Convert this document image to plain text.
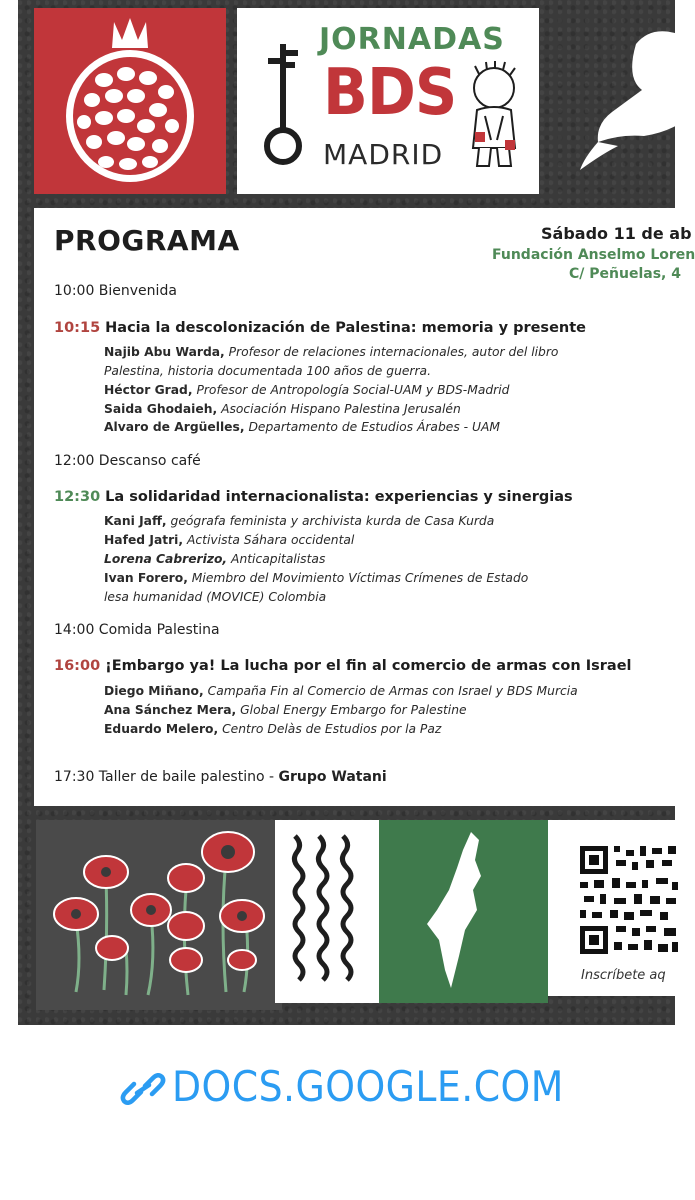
JORNADAS
BDS
MADRID
PROGRAMA	Sábado 11 de ab
Fundación Anselmo Loren
C/ Peñuelas, 4
10:00 Bienvenida
10:15 Hacia la descolonización de Palestina: memoria y presente
Najib Abu Warda, Profesor de relaciones internacionales, autor del libro
Palestina, historia documentada 100 años de guerra.
Héctor Grad, Profesor de Antropología Social-UAM y BDS-Madrid
Saida Ghodaieh, Asociación Hispano Palestina Jerusalén
Alvaro de Argüelles, Departamento de Estudios Árabes - UAM
12:00 Descanso café
12:30 La solidaridad internacionalista: experiencias y sinergias
Kani Jaff, geógrafa feminista y archivista kurda de Casa Kurda
Hafed Jatri, Activista Sáhara occidental
Lorena Cabrerizo, Anticapitalistas
Ivan Forero, Miembro del Movimiento Víctimas Crímenes de Estado
lesa humanidad (MOVICE) Colombia
14:00 Comida Palestina
16:00 ¡Embargo ya! La lucha por el fin al comercio de armas con Israel
Diego Miñano, Campaña Fin al Comercio de Armas con Israel y BDS Murcia
Ana Sánchez Mera, Global Energy Embargo for Palestine
Eduardo Melero, Centro Delàs de Estudios por la Paz
17:30 Taller de baile palestino - Grupo Watani
Inscríbete aq
DOCS.GOOGLE.COM
